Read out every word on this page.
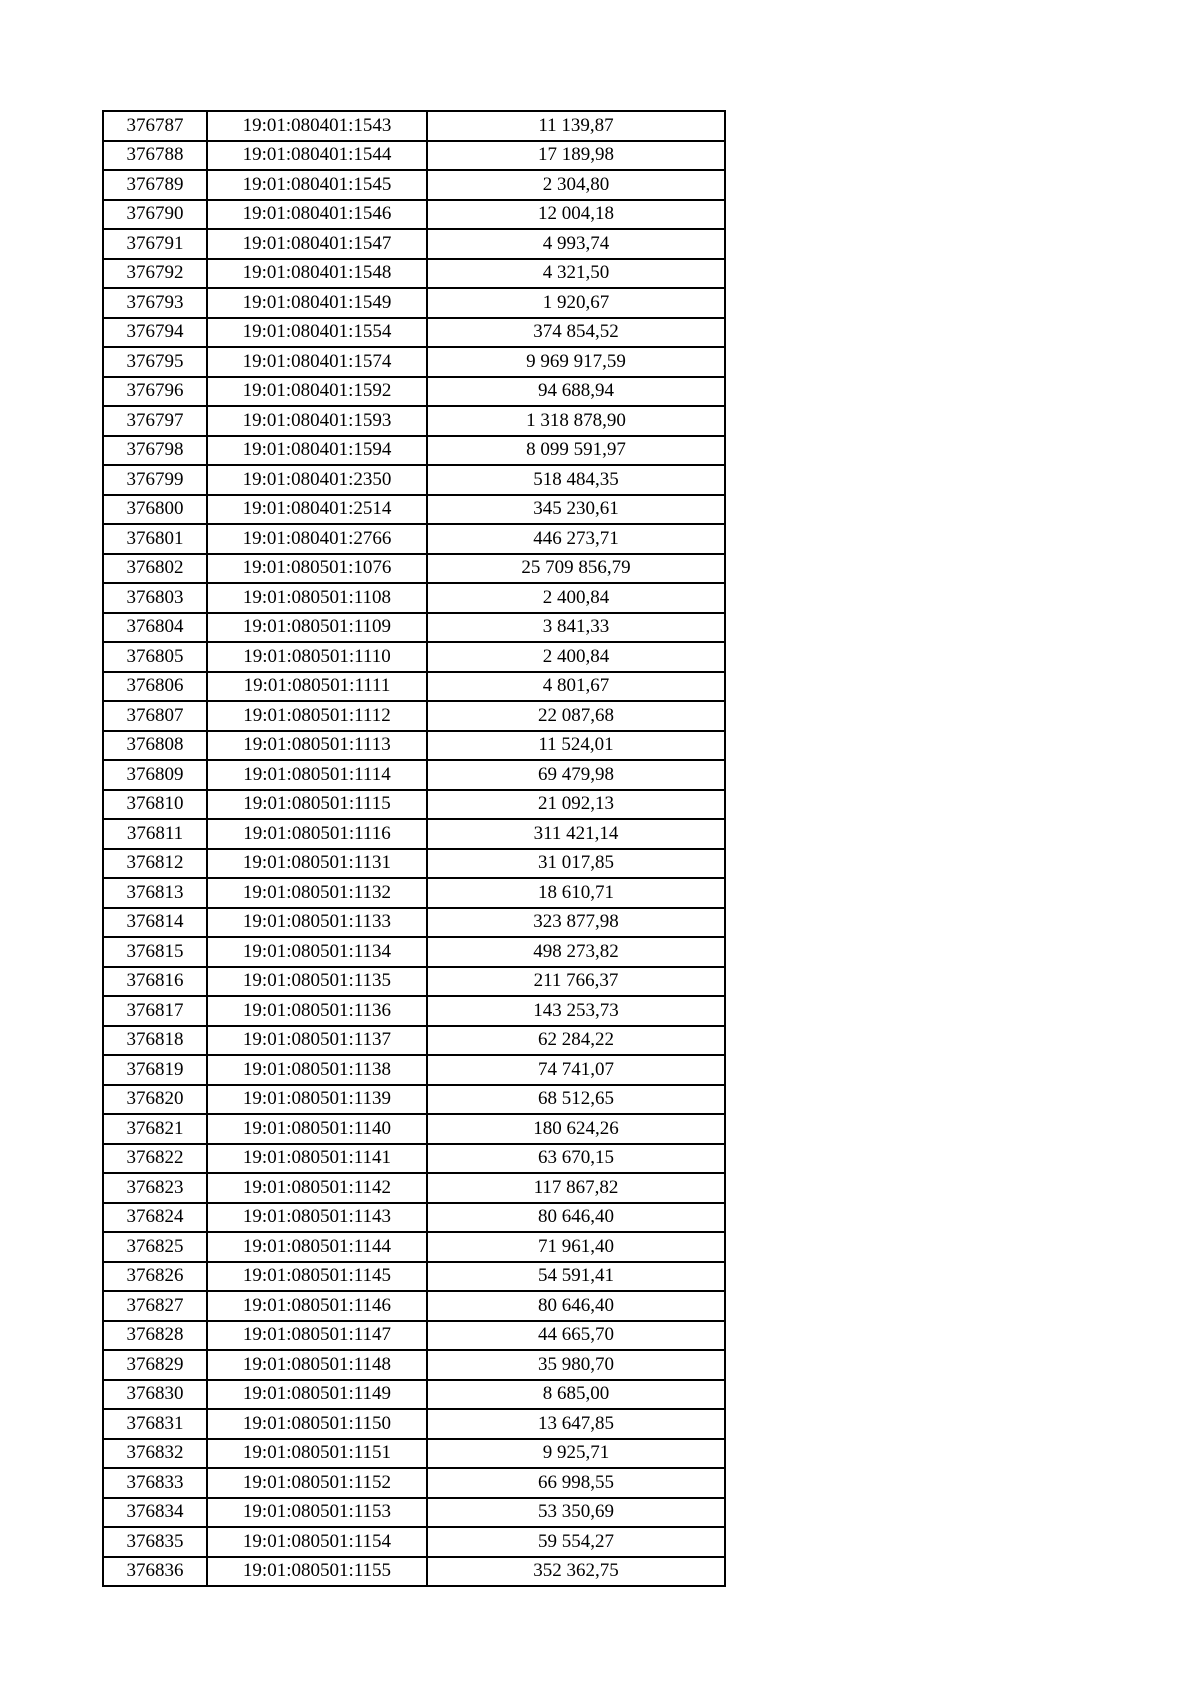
376787	19:01:080401:1543	11 139,87
376788	19:01:080401:1544	17 189,98
376789	19:01:080401:1545	2 304,80
376790	19:01:080401:1546	12 004,18
376791	19:01:080401:1547	4 993,74
376792	19:01:080401:1548	4 321,50
376793	19:01:080401:1549	1 920,67
376794	19:01:080401:1554	374 854,52
376795	19:01:080401:1574	9 969 917,59
376796	19:01:080401:1592	94 688,94
376797	19:01:080401:1593	1 318 878,90
376798	19:01:080401:1594	8 099 591,97
376799	19:01:080401:2350	518 484,35
376800	19:01:080401:2514	345 230,61
376801	19:01:080401:2766	446 273,71
376802	19:01:080501:1076	25 709 856,79
376803	19:01:080501:1108	2 400,84
376804	19:01:080501:1109	3 841,33
376805	19:01:080501:1110	2 400,84
376806	19:01:080501:1111	4 801,67
376807	19:01:080501:1112	22 087,68
376808	19:01:080501:1113	11 524,01
376809	19:01:080501:1114	69 479,98
376810	19:01:080501:1115	21 092,13
376811	19:01:080501:1116	311 421,14
376812	19:01:080501:1131	31 017,85
376813	19:01:080501:1132	18 610,71
376814	19:01:080501:1133	323 877,98
376815	19:01:080501:1134	498 273,82
376816	19:01:080501:1135	211 766,37
376817	19:01:080501:1136	143 253,73
376818	19:01:080501:1137	62 284,22
376819	19:01:080501:1138	74 741,07
376820	19:01:080501:1139	68 512,65
376821	19:01:080501:1140	180 624,26
376822	19:01:080501:1141	63 670,15
376823	19:01:080501:1142	117 867,82
376824	19:01:080501:1143	80 646,40
376825	19:01:080501:1144	71 961,40
376826	19:01:080501:1145	54 591,41
376827	19:01:080501:1146	80 646,40
376828	19:01:080501:1147	44 665,70
376829	19:01:080501:1148	35 980,70
376830	19:01:080501:1149	8 685,00
376831	19:01:080501:1150	13 647,85
376832	19:01:080501:1151	9 925,71
376833	19:01:080501:1152	66 998,55
376834	19:01:080501:1153	53 350,69
376835	19:01:080501:1154	59 554,27
376836	19:01:080501:1155	352 362,75
